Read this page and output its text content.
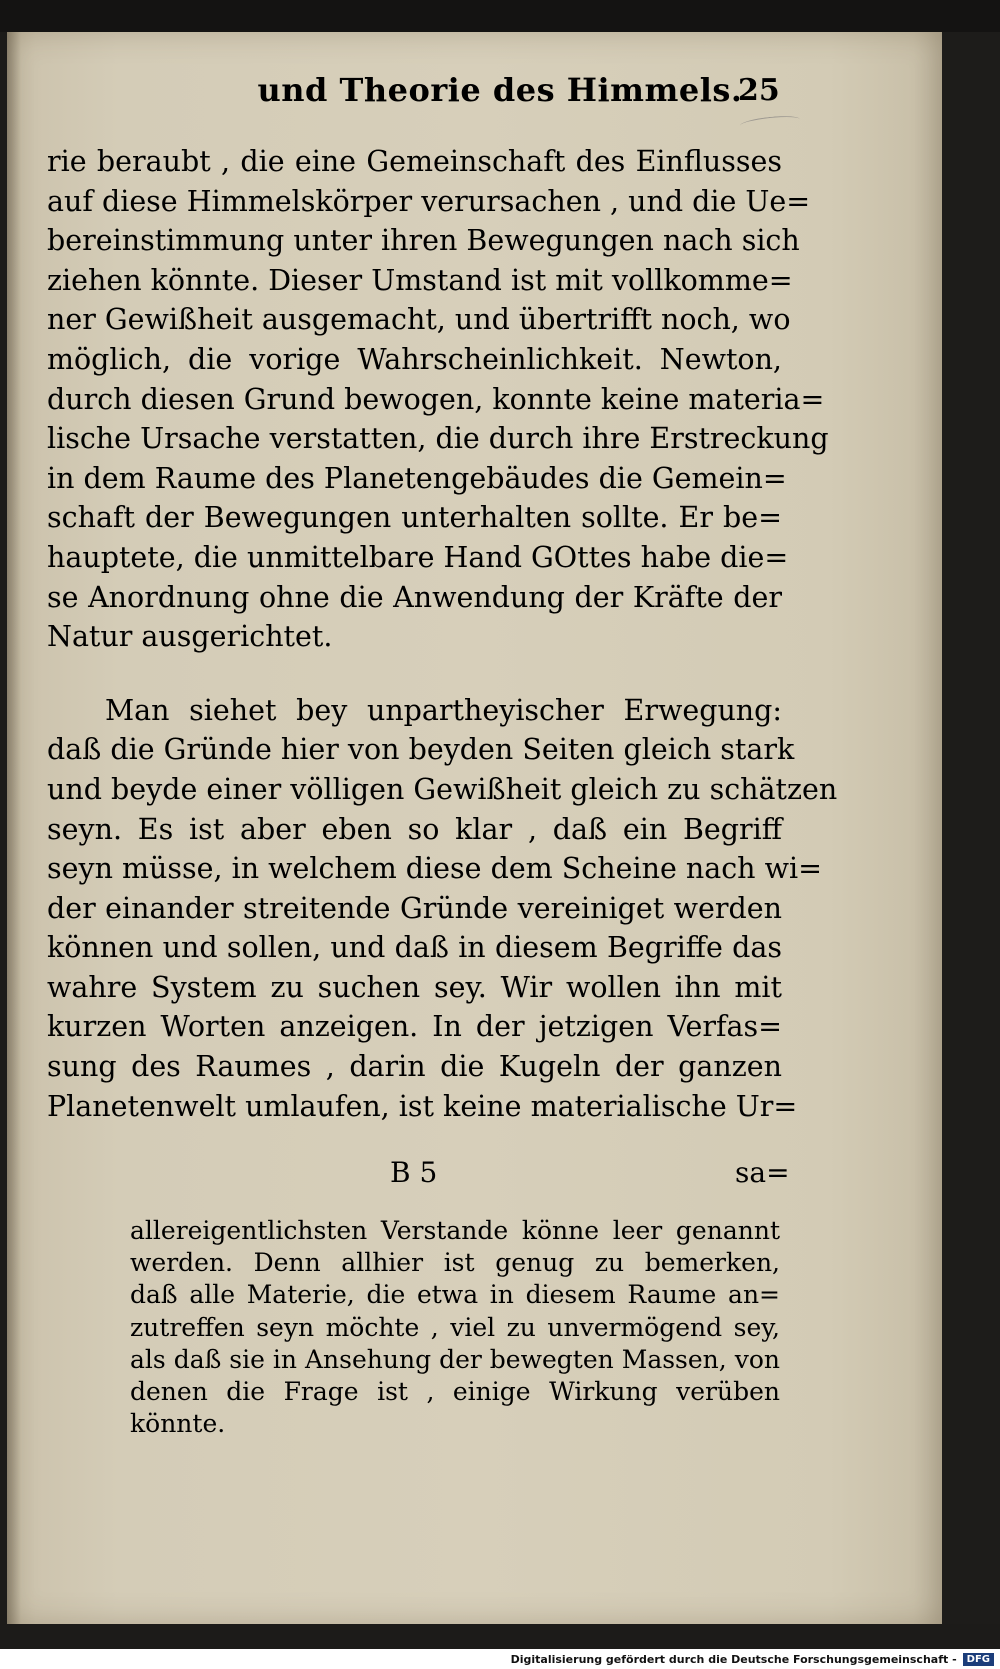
und Theorie des Himmels.
25
rie beraubt , die eine Gemeinschaft des Einflusses
auf diese Himmelskörper verursachen , und die Ue=
bereinstimmung unter ihren Bewegungen nach sich
ziehen könnte. Dieser Umstand ist mit vollkomme=
ner Gewißheit ausgemacht, und übertrifft noch, wo
möglich, die vorige Wahrscheinlichkeit. Newton,
durch diesen Grund bewogen, konnte keine materia=
lische Ursache verstatten, die durch ihre Erstreckung
in dem Raume des Planetengebäudes die Gemein=
schaft der Bewegungen unterhalten sollte. Er be=
hauptete, die unmittelbare Hand GOttes habe die=
se Anordnung ohne die Anwendung der Kräfte der
Natur ausgerichtet.
Man siehet bey unpartheyischer Erwegung:
daß die Gründe hier von beyden Seiten gleich stark
und beyde einer völligen Gewißheit gleich zu schätzen
seyn. Es ist aber eben so klar , daß ein Begriff
seyn müsse, in welchem diese dem Scheine nach wi=
der einander streitende Gründe vereiniget werden
können und sollen, und daß in diesem Begriffe das
wahre System zu suchen sey. Wir wollen ihn mit
kurzen Worten anzeigen. In der jetzigen Verfas=
sung des Raumes , darin die Kugeln der ganzen
Planetenwelt umlaufen, ist keine materialische Ur=
B 5	sa=
allereigentlichsten Verstande könne leer genannt
werden. Denn allhier ist genug zu bemerken,
daß alle Materie, die etwa in diesem Raume an=
zutreffen seyn möchte , viel zu unvermögend sey,
als daß sie in Ansehung der bewegten Massen, von
denen die Frage ist , einige Wirkung verüben
könnte.
Digitalisierung gefördert durch die Deutsche Forschungsgemeinschaft -	DFG
